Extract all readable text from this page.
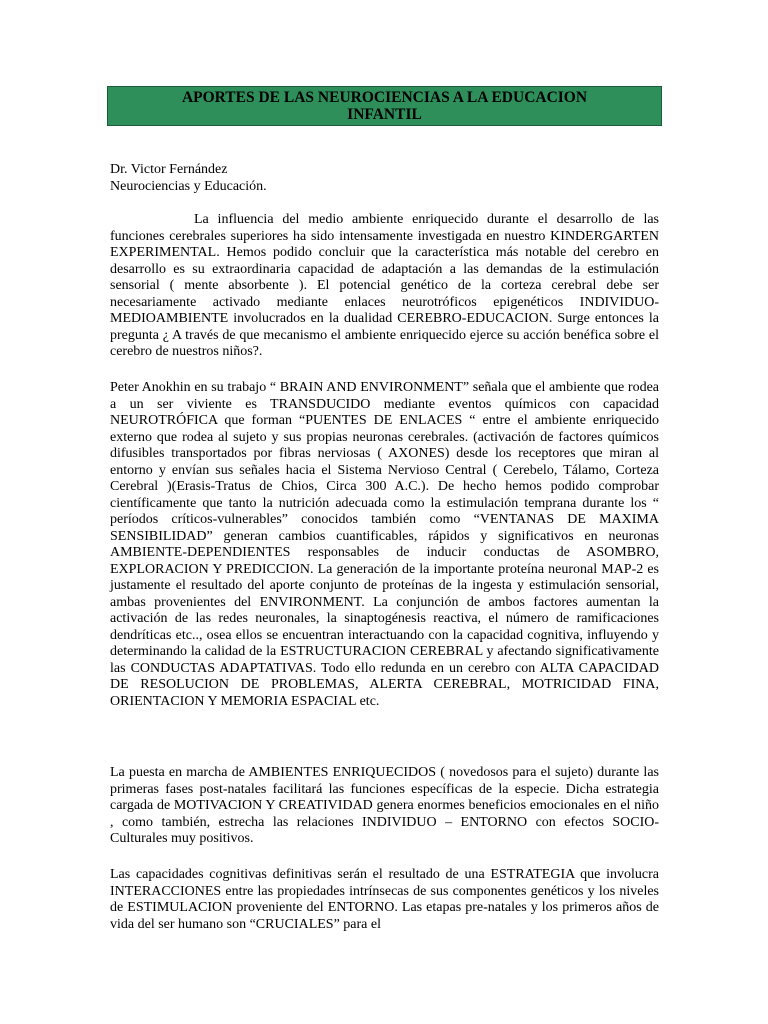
APORTES DE LAS NEUROCIENCIAS A LA EDUCACION
INFANTIL
Dr. Victor Fernández
Neurociencias y Educación.

La influencia del medio ambiente enriquecido durante el desarrollo de las funciones cerebrales superiores ha sido intensamente investigada en nuestro KINDERGARTEN EXPERIMENTAL. Hemos podido concluir que la característica más notable del cerebro en desarrollo es su extraordinaria capacidad de adaptación a las demandas de la estimulación sensorial ( mente absorbente ). El potencial genético de la corteza cerebral debe ser necesariamente activado mediante enlaces neurotróficos epigenéticos INDIVIDUO-MEDIOAMBIENTE involucrados en la dualidad CEREBRO-EDUCACION. Surge entonces la pregunta ¿ A través de que mecanismo el ambiente enriquecido ejerce su acción benéfica sobre el cerebro de nuestros niños?.

Peter Anokhin en su trabajo “ BRAIN AND ENVIRONMENT” señala que el ambiente que rodea a un ser viviente es TRANSDUCIDO mediante eventos químicos con capacidad NEUROTRÓFICA que forman “PUENTES DE ENLACES “ entre el ambiente enriquecido externo que rodea al sujeto y sus propias neuronas cerebrales. (activación de factores químicos difusibles transportados por fibras nerviosas ( AXONES) desde los receptores que miran al entorno y envían sus señales hacia el Sistema Nervioso Central ( Cerebelo, Tálamo, Corteza Cerebral )(Erasis-Tratus de Chios, Circa 300 A.C.). De hecho hemos podido comprobar científicamente que tanto la nutrición adecuada como la estimulación temprana durante los “ períodos críticos-vulnerables” conocidos también como “VENTANAS DE MAXIMA SENSIBILIDAD” generan cambios cuantificables, rápidos y significativos en neuronas AMBIENTE-DEPENDIENTES responsables de inducir conductas de ASOMBRO, EXPLORACION Y PREDICCION. La generación de la importante proteína neuronal MAP-2 es justamente el resultado del aporte conjunto de proteínas de la ingesta y estimulación sensorial, ambas provenientes del ENVIRONMENT. La conjunción de ambos factores aumentan la activación de las redes neuronales, la sinaptogénesis reactiva, el número de ramificaciones dendríticas etc.., osea ellos se encuentran interactuando con la capacidad cognitiva, influyendo y determinando la calidad de la ESTRUCTURACION CEREBRAL y afectando significativamente las CONDUCTAS ADAPTATIVAS. Todo ello redunda en un cerebro con ALTA CAPACIDAD DE RESOLUCION DE PROBLEMAS, ALERTA CEREBRAL, MOTRICIDAD FINA, ORIENTACION Y MEMORIA ESPACIAL etc.

La puesta en marcha de AMBIENTES ENRIQUECIDOS ( novedosos para el sujeto) durante las primeras fases post-natales facilitará las funciones específicas de la especie. Dicha estrategia cargada de MOTIVACION Y CREATIVIDAD genera enormes beneficios emocionales en el niño , como también, estrecha las relaciones INDIVIDUO – ENTORNO con efectos SOCIO-Culturales muy positivos.

Las capacidades cognitivas definitivas serán el resultado de una ESTRATEGIA que involucra INTERACCIONES entre las propiedades intrínsecas de sus componentes genéticos y los niveles de ESTIMULACION proveniente del ENTORNO. Las etapas pre-natales y los primeros años de vida del ser humano son “CRUCIALES” para el
